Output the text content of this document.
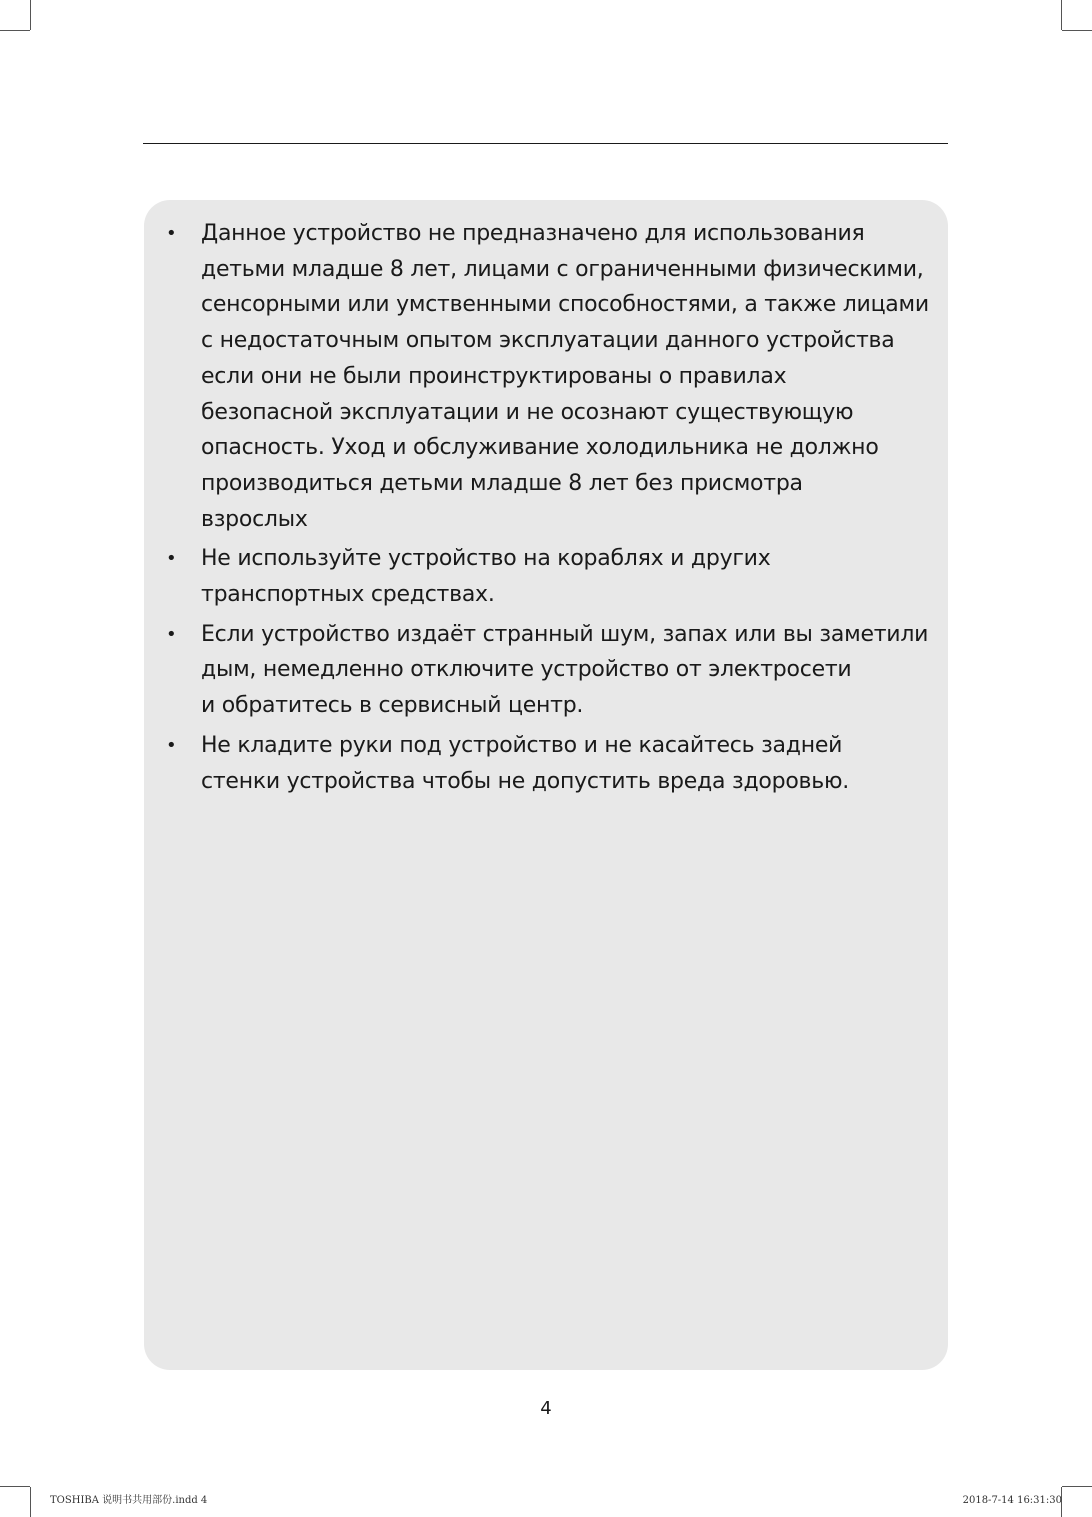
• Данное устройство не предназначено для использования
детьми младше 8 лет, лицами с ограниченными физическими,
сенсорными или умственными способностями, а также лицами
с недостаточным опытом эксплуатации данного устройства
если они не были проинструктированы о правилах
безопасной эксплуатации и не осознают существующую
опасность. Уход и обслуживание холодильника не должно
производиться детьми младше 8 лет без присмотра
взрослых
• Не используйте устройство на кораблях и других
транспортных средствах.
• Если устройство издаёт странный шум, запах или вы заметили
дым, немедленно отключите устройство от электросети
и обратитесь в сервисный центр.
• Не кладите руки под устройство и не касайтесь задней
стенки устройства чтобы не допустить вреда здоровью.
4
TOSHIBA 说明书共用部份.indd 4	2018-7-14 16:31:30
